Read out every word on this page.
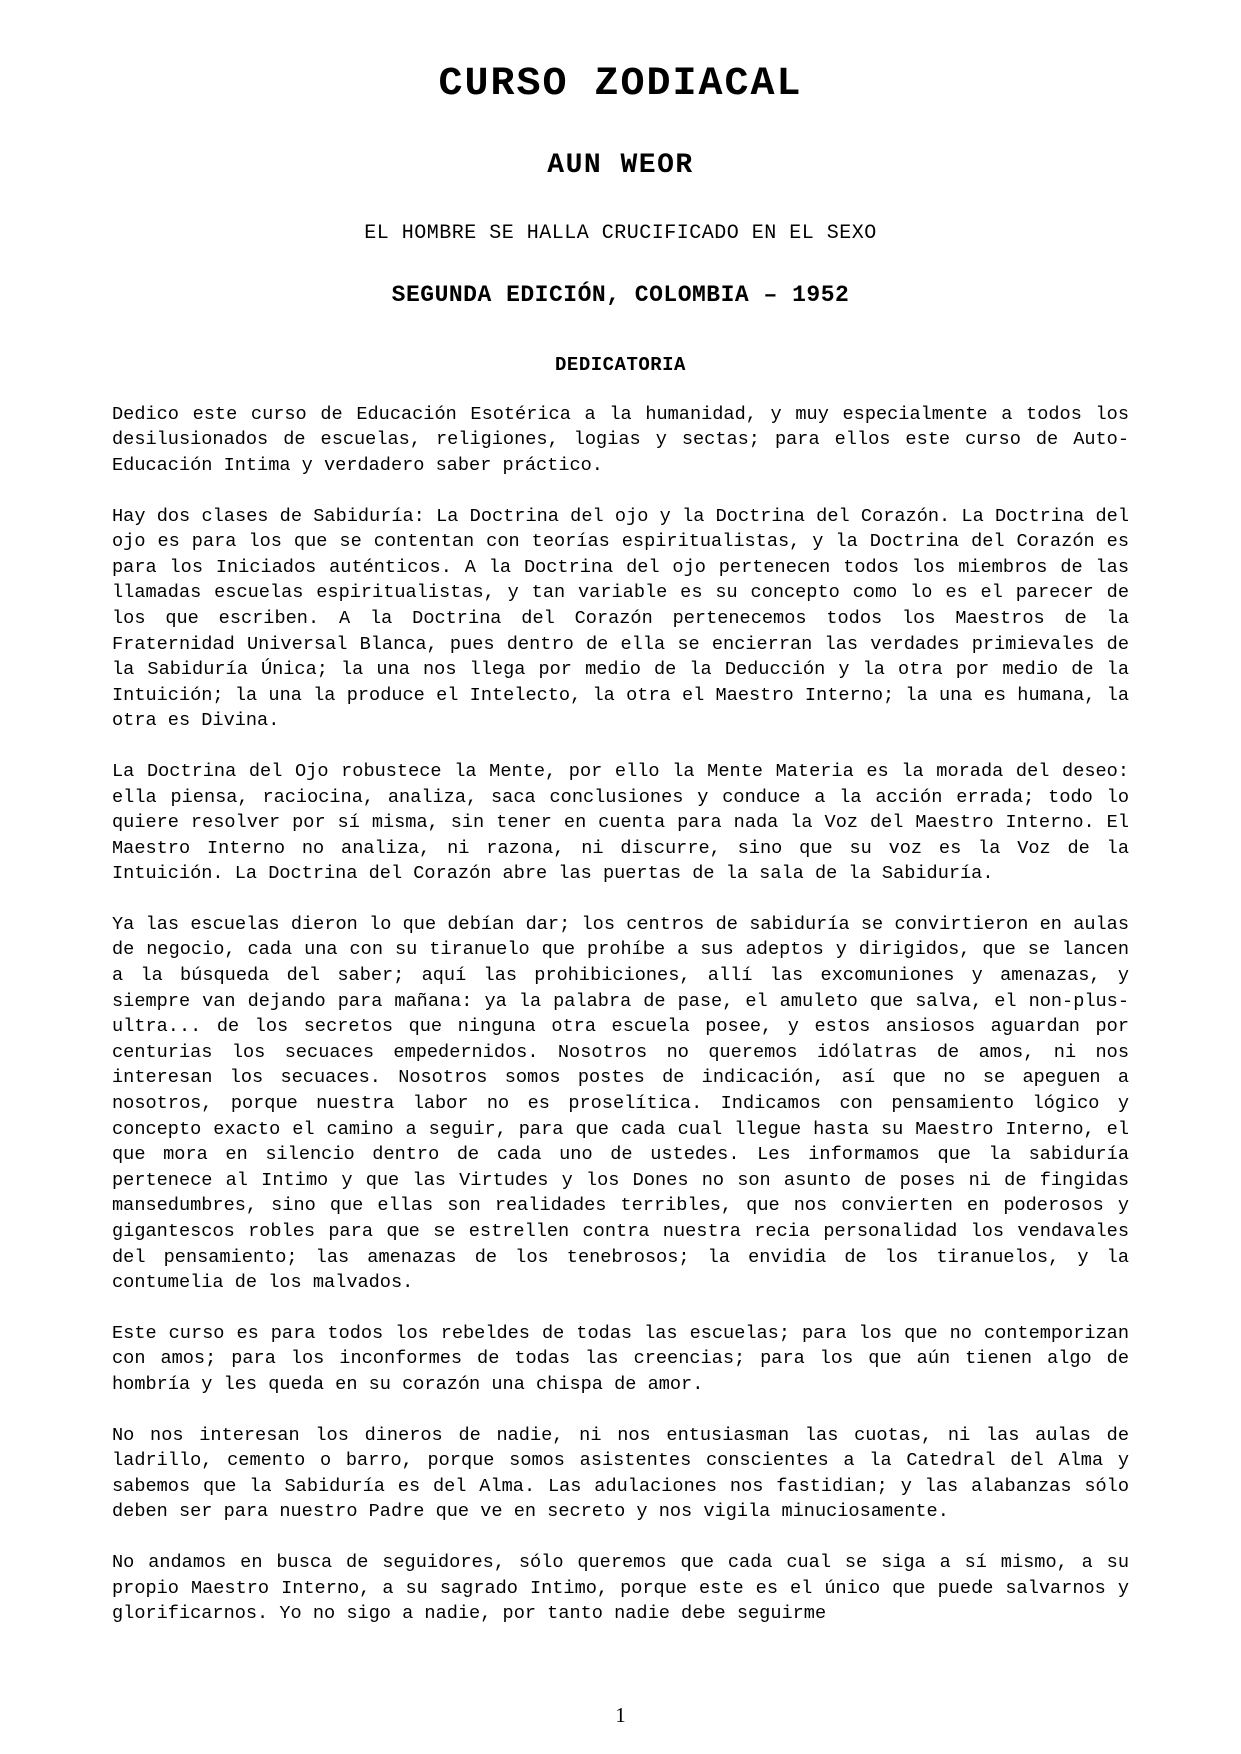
CURSO ZODIACAL
AUN WEOR
EL HOMBRE SE HALLA CRUCIFICADO EN EL SEXO
SEGUNDA EDICIÓN, COLOMBIA – 1952
DEDICATORIA

Dedico este curso de Educación Esotérica a la humanidad, y muy especialmente a todos los desilusionados de escuelas, religiones, logias y sectas; para ellos este curso de Auto-Educación Intima y verdadero saber práctico.

Hay dos clases de Sabiduría: La Doctrina del ojo y la Doctrina del Corazón. La Doctrina del ojo es para los que se contentan con teorías espiritualistas, y la Doctrina del Corazón es para los Iniciados auténticos. A la Doctrina del ojo pertenecen todos los miembros de las llamadas escuelas espiritualistas, y tan variable es su concepto como lo es el parecer de los que escriben. A la Doctrina del Corazón pertenecemos todos los Maestros de la Fraternidad Universal Blanca, pues dentro de ella se encierran las verdades primievales de la Sabiduría Única; la una nos llega por medio de la Deducción y la otra por medio de la Intuición; la una la produce el Intelecto, la otra el Maestro Interno; la una es humana, la otra es Divina.

La Doctrina del Ojo robustece la Mente, por ello la Mente Materia es la morada del deseo: ella piensa, raciocina, analiza, saca conclusiones y conduce a la acción errada; todo lo quiere resolver por sí misma, sin tener en cuenta para nada la Voz del Maestro Interno. El Maestro Interno no analiza, ni razona, ni discurre, sino que su voz es la Voz de la Intuición. La Doctrina del Corazón abre las puertas de la sala de la Sabiduría.

Ya las escuelas dieron lo que debían dar; los centros de sabiduría se convirtieron en aulas de negocio, cada una con su tiranuelo que prohíbe a sus adeptos y dirigidos, que se lancen a la búsqueda del saber; aquí las prohibiciones, allí las excomuniones y amenazas, y siempre van dejando para mañana: ya la palabra de pase, el amuleto que salva, el non-plus-ultra... de los secretos que ninguna otra escuela posee, y estos ansiosos aguardan por centurias los secuaces empedernidos. Nosotros no queremos idólatras de amos, ni nos interesan los secuaces. Nosotros somos postes de indicación, así que no se apeguen a nosotros, porque nuestra labor no es proselítica. Indicamos con pensamiento lógico y concepto exacto el camino a seguir, para que cada cual llegue hasta su Maestro Interno, el que mora en silencio dentro de cada uno de ustedes. Les informamos que la sabiduría pertenece al Intimo y que las Virtudes y los Dones no son asunto de poses ni de fingidas mansedumbres, sino que ellas son realidades terribles, que nos convierten en poderosos y gigantescos robles para que se estrellen contra nuestra recia personalidad los vendavales del pensamiento; las amenazas de los tenebrosos; la envidia de los tiranuelos, y la contumelia de los malvados.

Este curso es para todos los rebeldes de todas las escuelas; para los que no contemporizan con amos; para los inconformes de todas las creencias; para los que aún tienen algo de hombría y les queda en su corazón una chispa de amor.

No nos interesan los dineros de nadie, ni nos entusiasman las cuotas, ni las aulas de ladrillo, cemento o barro, porque somos asistentes conscientes a la Catedral del Alma y sabemos que la Sabiduría es del Alma. Las adulaciones nos fastidian; y las alabanzas sólo deben ser para nuestro Padre que ve en secreto y nos vigila minuciosamente.

No andamos en busca de seguidores, sólo queremos que cada cual se siga a sí mismo, a su propio Maestro Interno, a su sagrado Intimo, porque este es el único que puede salvarnos y glorificarnos. Yo no sigo a nadie, por tanto nadie debe seguirme

1
